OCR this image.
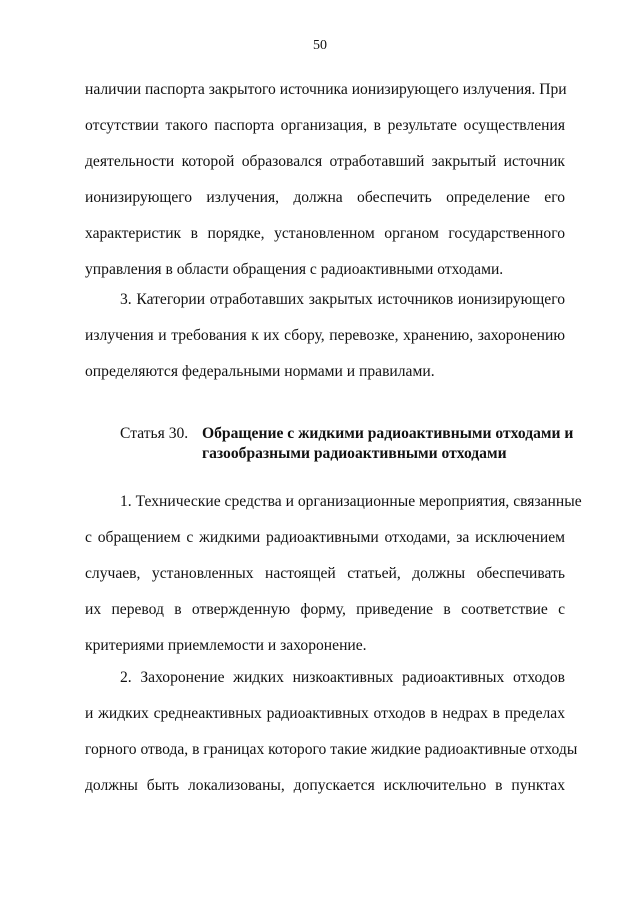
50
наличии паспорта закрытого источника ионизирующего излучения. При
отсутствии такого паспорта организация, в результате осуществления
деятельности которой образовался отработавший закрытый источник
ионизирующего излучения, должна обеспечить определение его
характеристик в порядке, установленном органом государственного
управления в области обращения с радиоактивными отходами.
3. Категории отработавших закрытых источников ионизирующего
излучения и требования к их сбору, перевозке, хранению, захоронению
определяются федеральными нормами и правилами.
Статья 30. Обращение с жидкими радиоактивными отходами и
газообразными радиоактивными отходами
1. Технические средства и организационные мероприятия, связанные
с обращением с жидкими радиоактивными отходами, за исключением
случаев, установленных настоящей статьей, должны обеспечивать
их перевод в отвержденную форму, приведение в соответствие с
критериями приемлемости и захоронение.
2. Захоронение жидких низкоактивных радиоактивных отходов
и жидких среднеактивных радиоактивных отходов в недрах в пределах
горного отвода, в границах которого такие жидкие радиоактивные отходы
должны быть локализованы, допускается исключительно в пунктах
